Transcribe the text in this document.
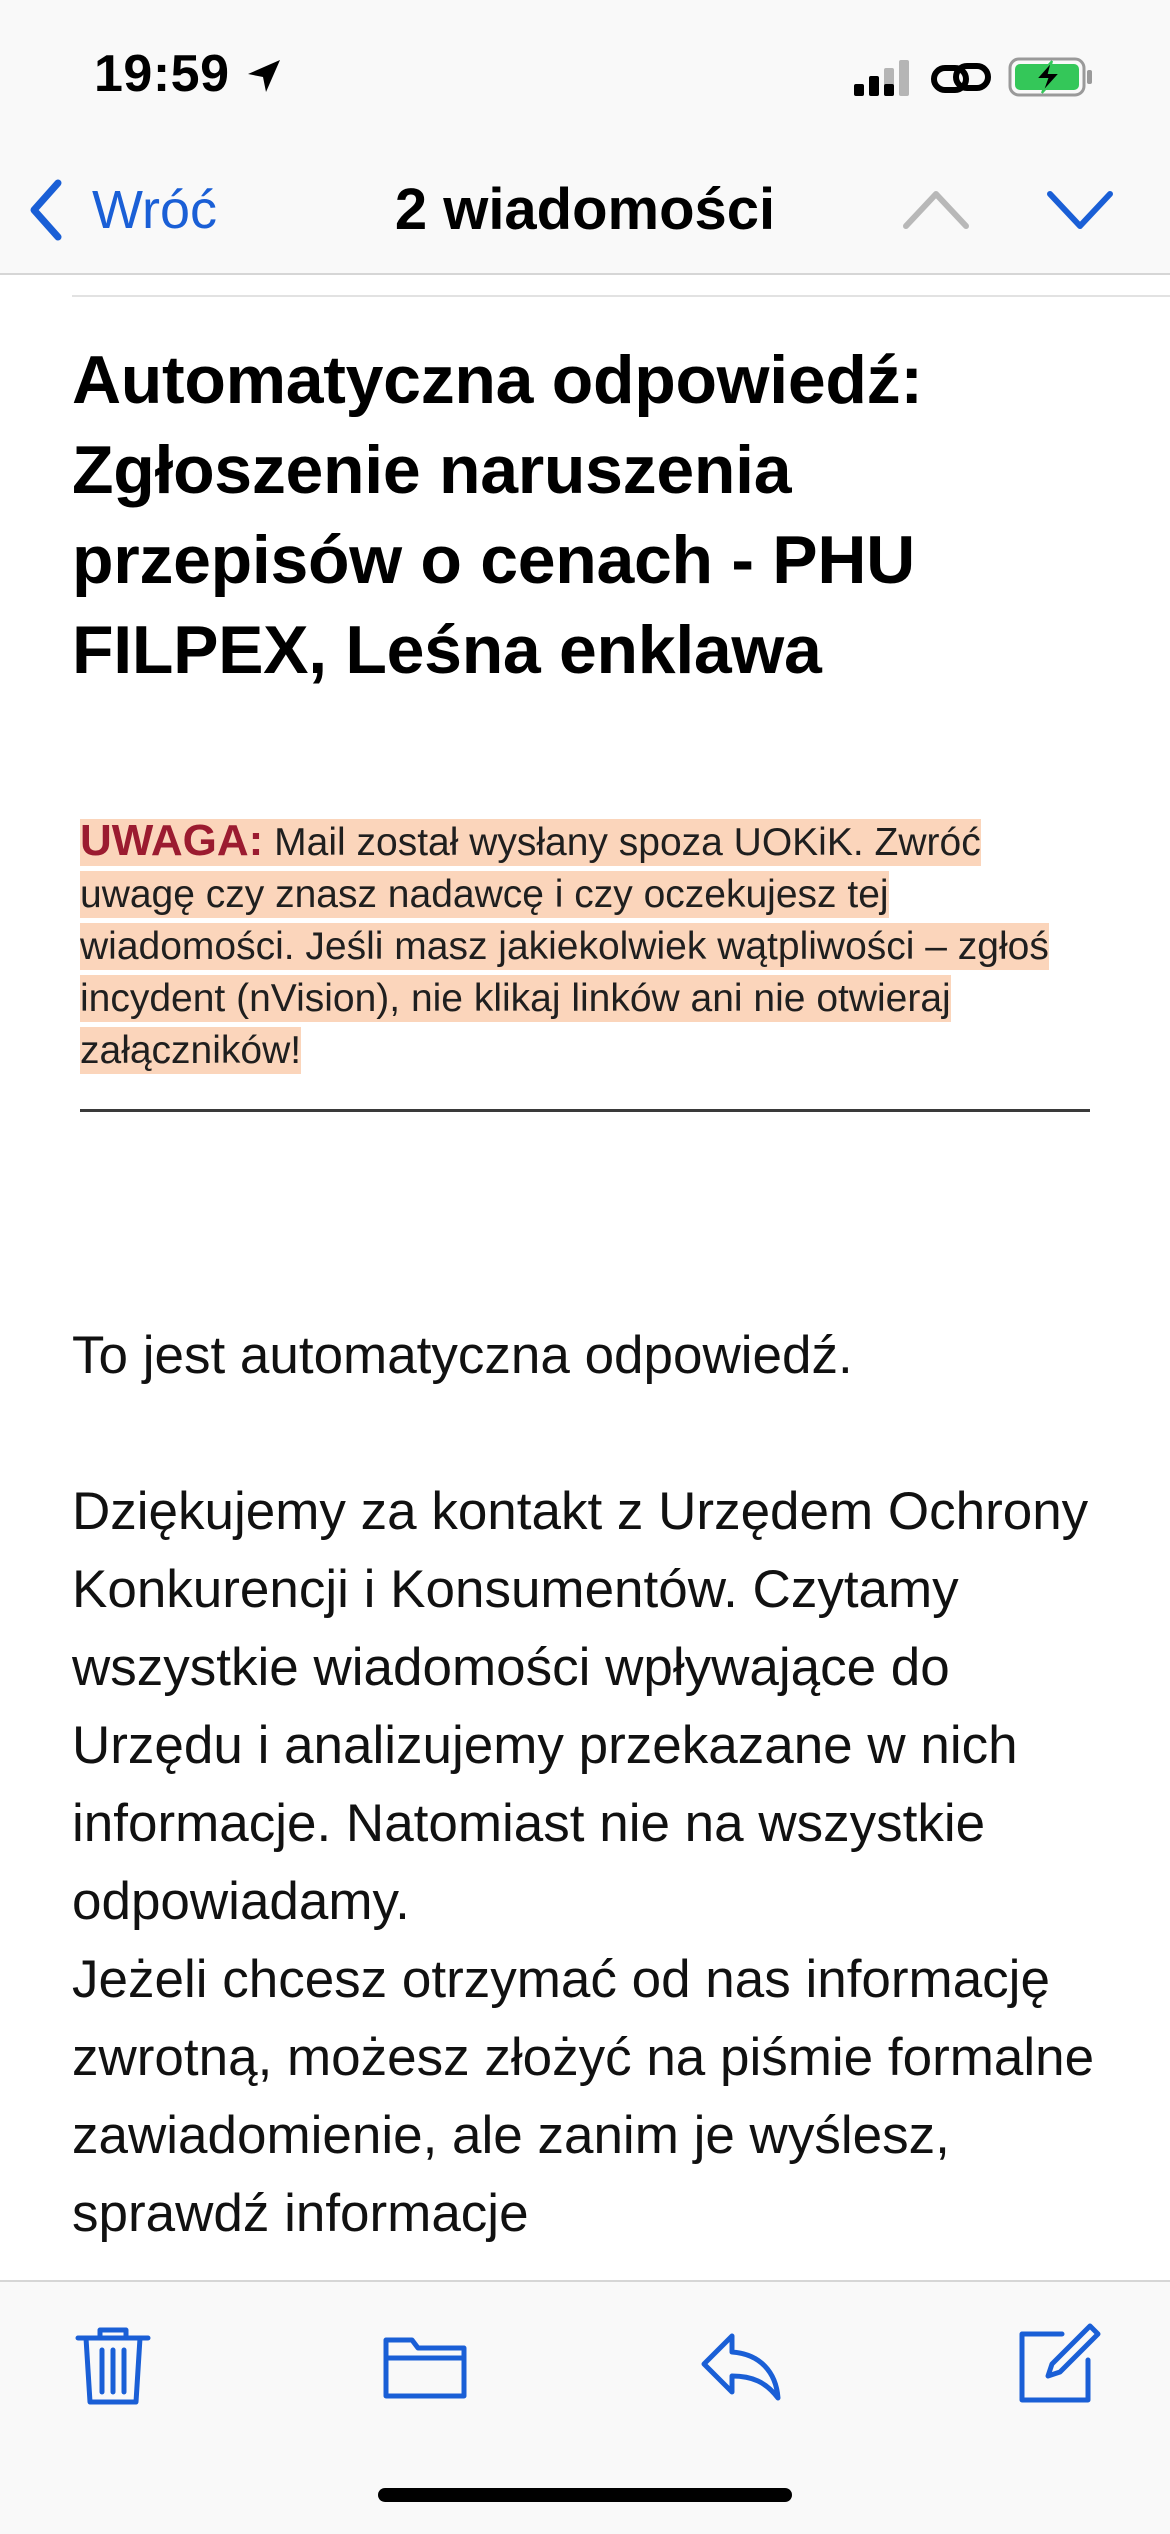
19:59
Wróć	2 wiadomości
Automatyczna odpowiedź: Zgłoszenie naruszenia przepisów o cenach - PHU FILPEX, Leśna enklawa
UWAGA: Mail został wysłany spoza UOKiK. Zwróć uwagę czy znasz nadawcę i czy oczekujesz tej wiadomości. Jeśli masz jakiekolwiek wątpliwości – zgłoś incydent (nVision), nie klikaj linków ani nie otwieraj załączników!

To jest automatyczna odpowiedź.

Dziękujemy za kontakt z Urzędem Ochrony Konkurencji i Konsumentów. Czytamy wszystkie wiadomości wpływające do Urzędu i analizujemy przekazane w nich informacje. Natomiast nie na wszystkie odpowiadamy.

Jeżeli chcesz otrzymać od nas informację zwrotną, możesz złożyć na piśmie formalne zawiadomienie, ale zanim je wyślesz, sprawdź informacje
